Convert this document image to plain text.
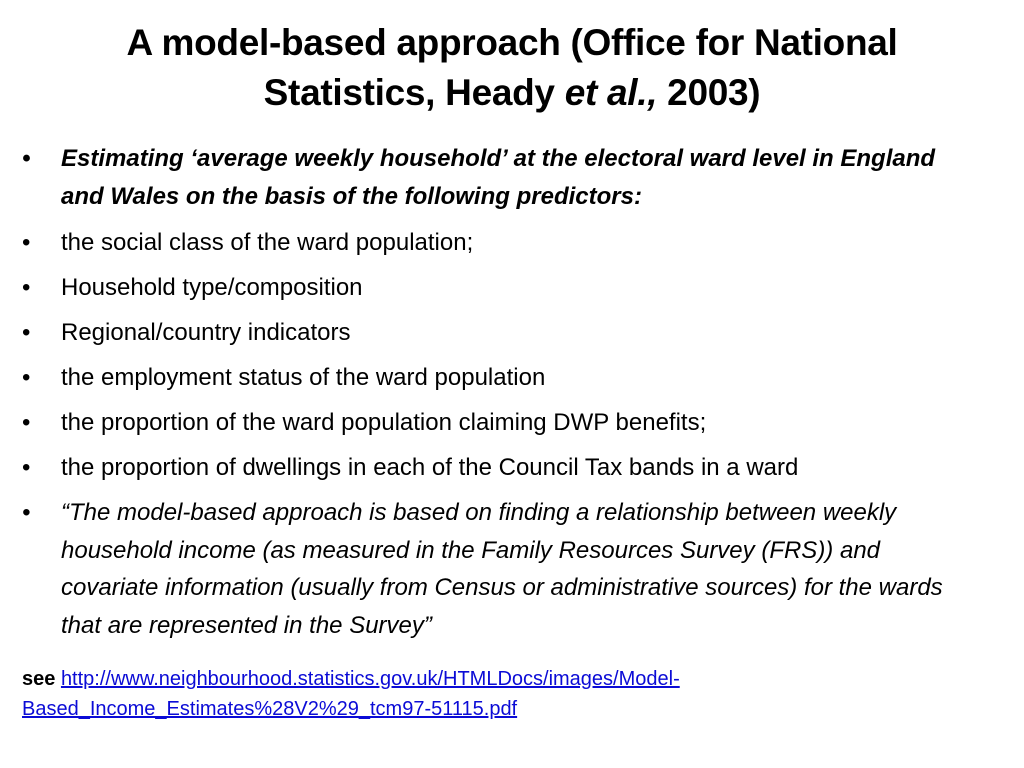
A model-based approach (Office for National
Statistics, Heady et al., 2003)
• Estimating ‘average weekly household’ at the electoral ward level in England and Wales on the basis of the following predictors:
• the social class of the ward population;
• Household type/composition
• Regional/country indicators
• the employment status of the ward population
• the proportion of the ward population claiming DWP benefits;
• the proportion of dwellings in each of the Council Tax bands in a ward
• “The model-based approach is based on finding a relationship between weekly household income (as measured in the Family Resources Survey (FRS)) and covariate information (usually from Census or administrative sources) for the wards that are represented in the Survey”
see http://www.neighbourhood.statistics.gov.uk/HTMLDocs/images/Model-
Based_Income_Estimates%28V2%29_tcm97-51115.pdf
